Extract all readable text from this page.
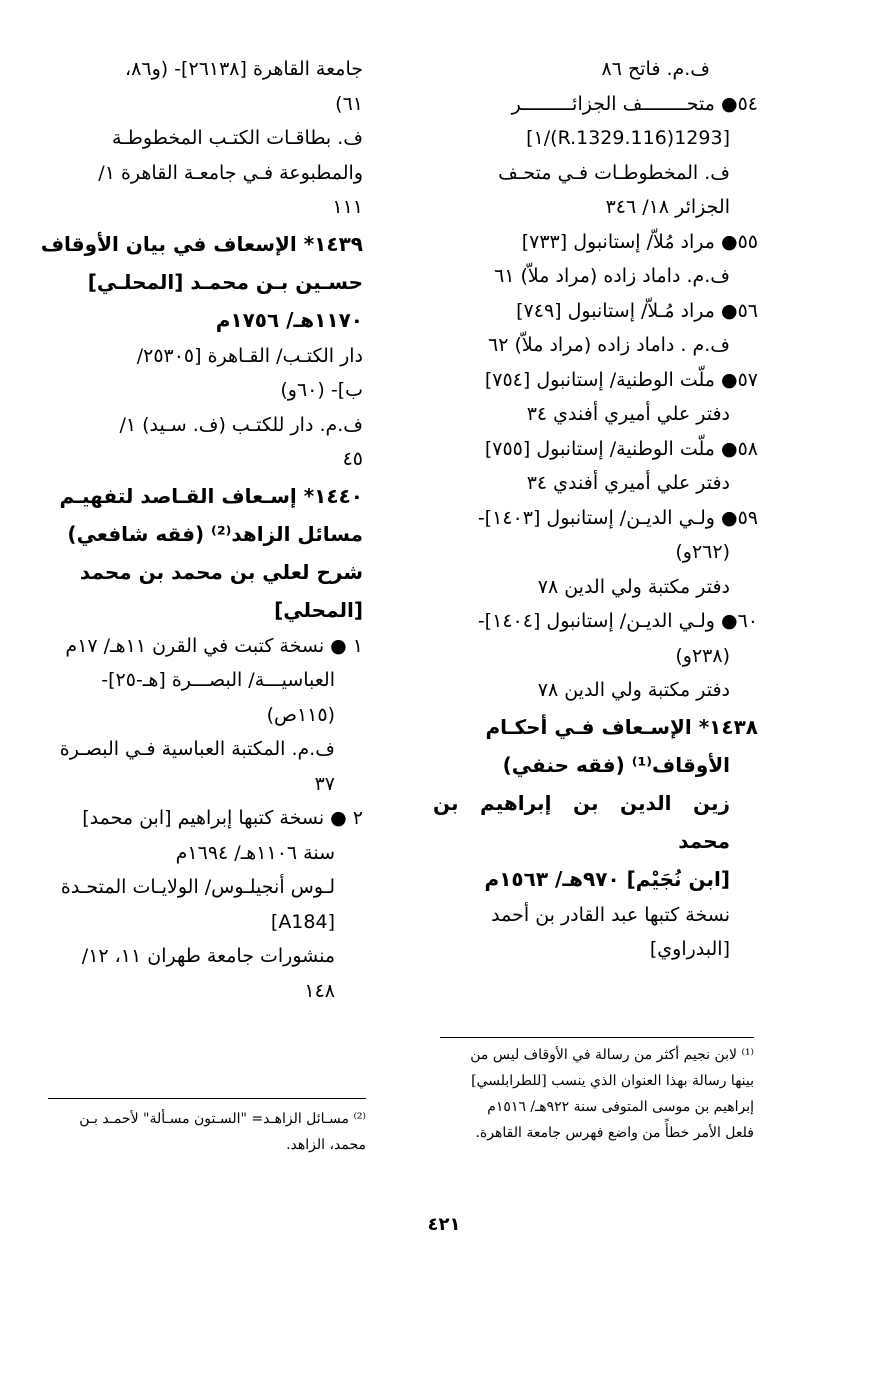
ف.م. فاتح ٨٦

٥٤● متحــــــــف الجزائـــــــــر

[1293(116.R.1329)/١]

ف. المخطوطـات فـي متحـف

الجزائر ١٨/ ٣٤٦

٥٥● مراد مُلاّ/ إستانبول [٧٣٣]

ف.م. داماد زاده (مراد ملاّ) ٦١

٥٦● مراد مُـلاّ/ إستانبول [٧٤٩]

ف.م . داماد زاده (مراد ملاّ) ٦٢

٥٧● ملّت الوطنية/ إستانبول [٧٥٤]

دفتر علي أميري أفندي ٣٤

٥٨● ملّت الوطنية/ إستانبول [٧٥٥]

دفتر علي أميري أفندي ٣٤

٥٩● ولـي الديـن/ إستانبول [١٤٠٣]-

(٢٦٢و)

دفتر مكتبة ولي الدين ٧٨

٦٠● ولـي الديـن/ إستانبول [١٤٠٤]-

(٢٣٨و)

دفتر مكتبة ولي الدين ٧٨

١٤٣٨* الإسـعاف فـي أحكـام

الأوقاف⁽¹⁾ (فقه حنفي)

زين الدين بن إبراهيم بن محمد

[ابن نُجَيْم] ٩٧٠هـ/ ١٥٦٣م

نسخة كتبها عبد القادر بن أحمد

[البدراوي]

جامعة القاهرة [٢٦١٣٨]- (و٨٦،

٦١)

ف. بطاقـات الكتـب المخطوطـة

والمطبوعة فـي جامعـة القاهرة ١/

١١١

١٤٣٩* الإسعاف في بيان الأوقاف

حسـين بـن محمـد [المحلـي]

١١٧٠هـ/ ١٧٥٦م

دار الكتـب/ القـاهرة [٢٥٣٠٥/

ب]- (٦٠و)

ف.م. دار للكتـب (ف. سـيد) ١/

٤٥

١٤٤٠* إسـعاف القـاصد لتفهيـم

مسائل الزاهد⁽²⁾ (فقه شافعي)

شرح لعلي بن محمد بن محمد

[المحلي]

١ ● نسخة كتبت في القرن ١١هـ/ ١٧م

العباسيـــة/ البصـــرة [هـ-٢٥]-

(١١٥ص)

ف.م. المكتبة العباسية فـي البصـرة

٣٧

٢ ● نسخة كتبها إبراهيم [ابن محمد]

سنة ١١٠٦هـ/ ١٦٩٤م

لـوس أنجيلـوس/ الولايـات المتحـدة

[A184]

منشورات جامعة طهران ١١، ١٢/

١٤٨

⁽¹⁾ لابن نجيم أكثر من رسالة في الأوقاف ليس من
بينها رسالة بهذا العنوان الذي ينسب [للطرابلسي]
إبراهيم بن موسى المتوفى سنة ٩٢٢هـ/ ١٥١٦م
فلعل الأمر خطأً من واضع فهرس جامعة القاهرة.
⁽²⁾ مسـائل الزاهـد= "السـتون مسـألة" لأحمـد بـن
محمد، الزاهد.
٤٢١
